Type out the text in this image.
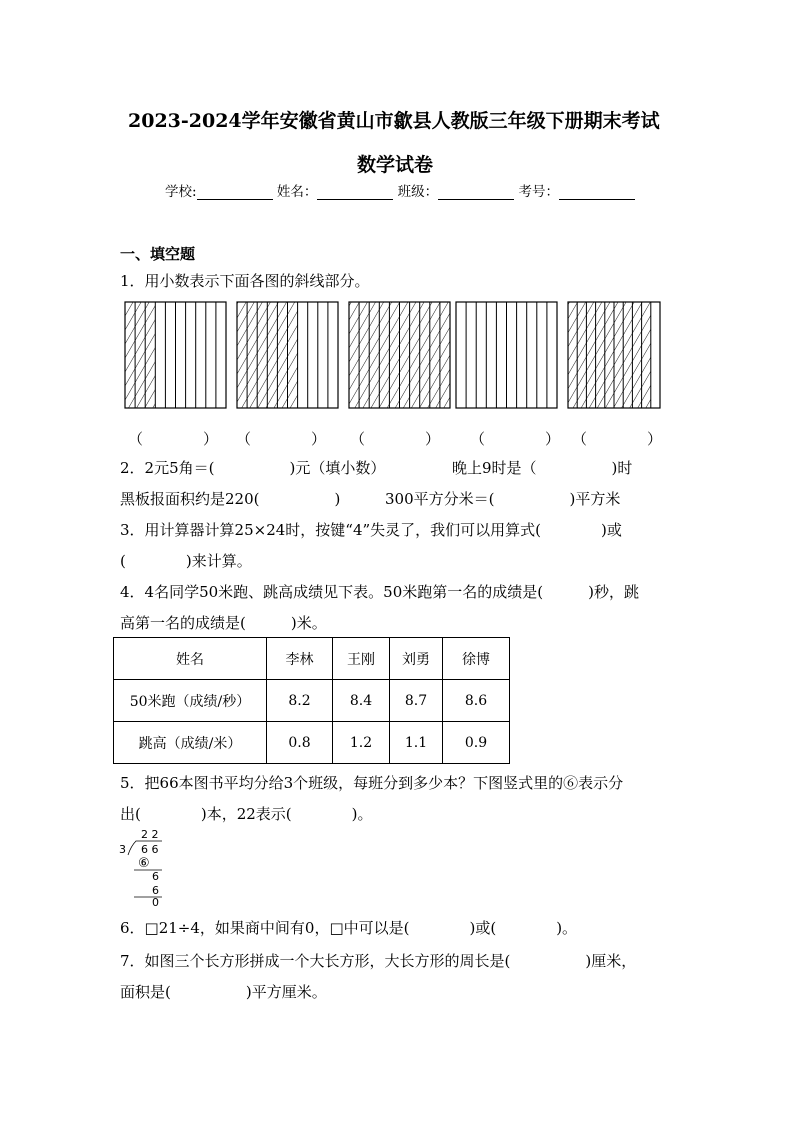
2023-2024学年安徽省黄山市歙县人教版三年级下册期末考试
数学试卷
学校:	姓名：	班级：	考号：
一、填空题
1．用小数表示下面各图的斜线部分。
（　　　　） （　　　　） （　　　　） （　　　　） （　　　　）
2．2元5角＝(　　　　　)元（填小数）	晚上9时是（　　　　　)时
黑板报面积约是220(　　　　　)	300平方分米＝(　　　　　)平方米
3．用计算器计算25×24时，按键“4”失灵了，我们可以用算式(　　　　)或
(　　　　)来计算。
4．4名同学50米跑、跳高成绩见下表。50米跑第一名的成绩是(　　　)秒，跳
高第一名的成绩是(　　　)米。
姓名	李林	王刚	刘勇	徐博
50米跑（成绩/秒）	8.2	8.4	8.7	8.6
跳高（成绩/米）	0.8	1.2	1.1	0.9
5．把66本图书平均分给3个班级，每班分到多少本？下图竖式里的⑥表示分
出(　　　　)本，22表示(　　　　)。
2 2
3 6 6
⑥
6
6
0
6．□21÷4，如果商中间有0，□中可以是(　　　　)或(　　　　)。
7．如图三个长方形拼成一个大长方形，大长方形的周长是(　　　　　)厘米，
面积是(　　　　　)平方厘米。
